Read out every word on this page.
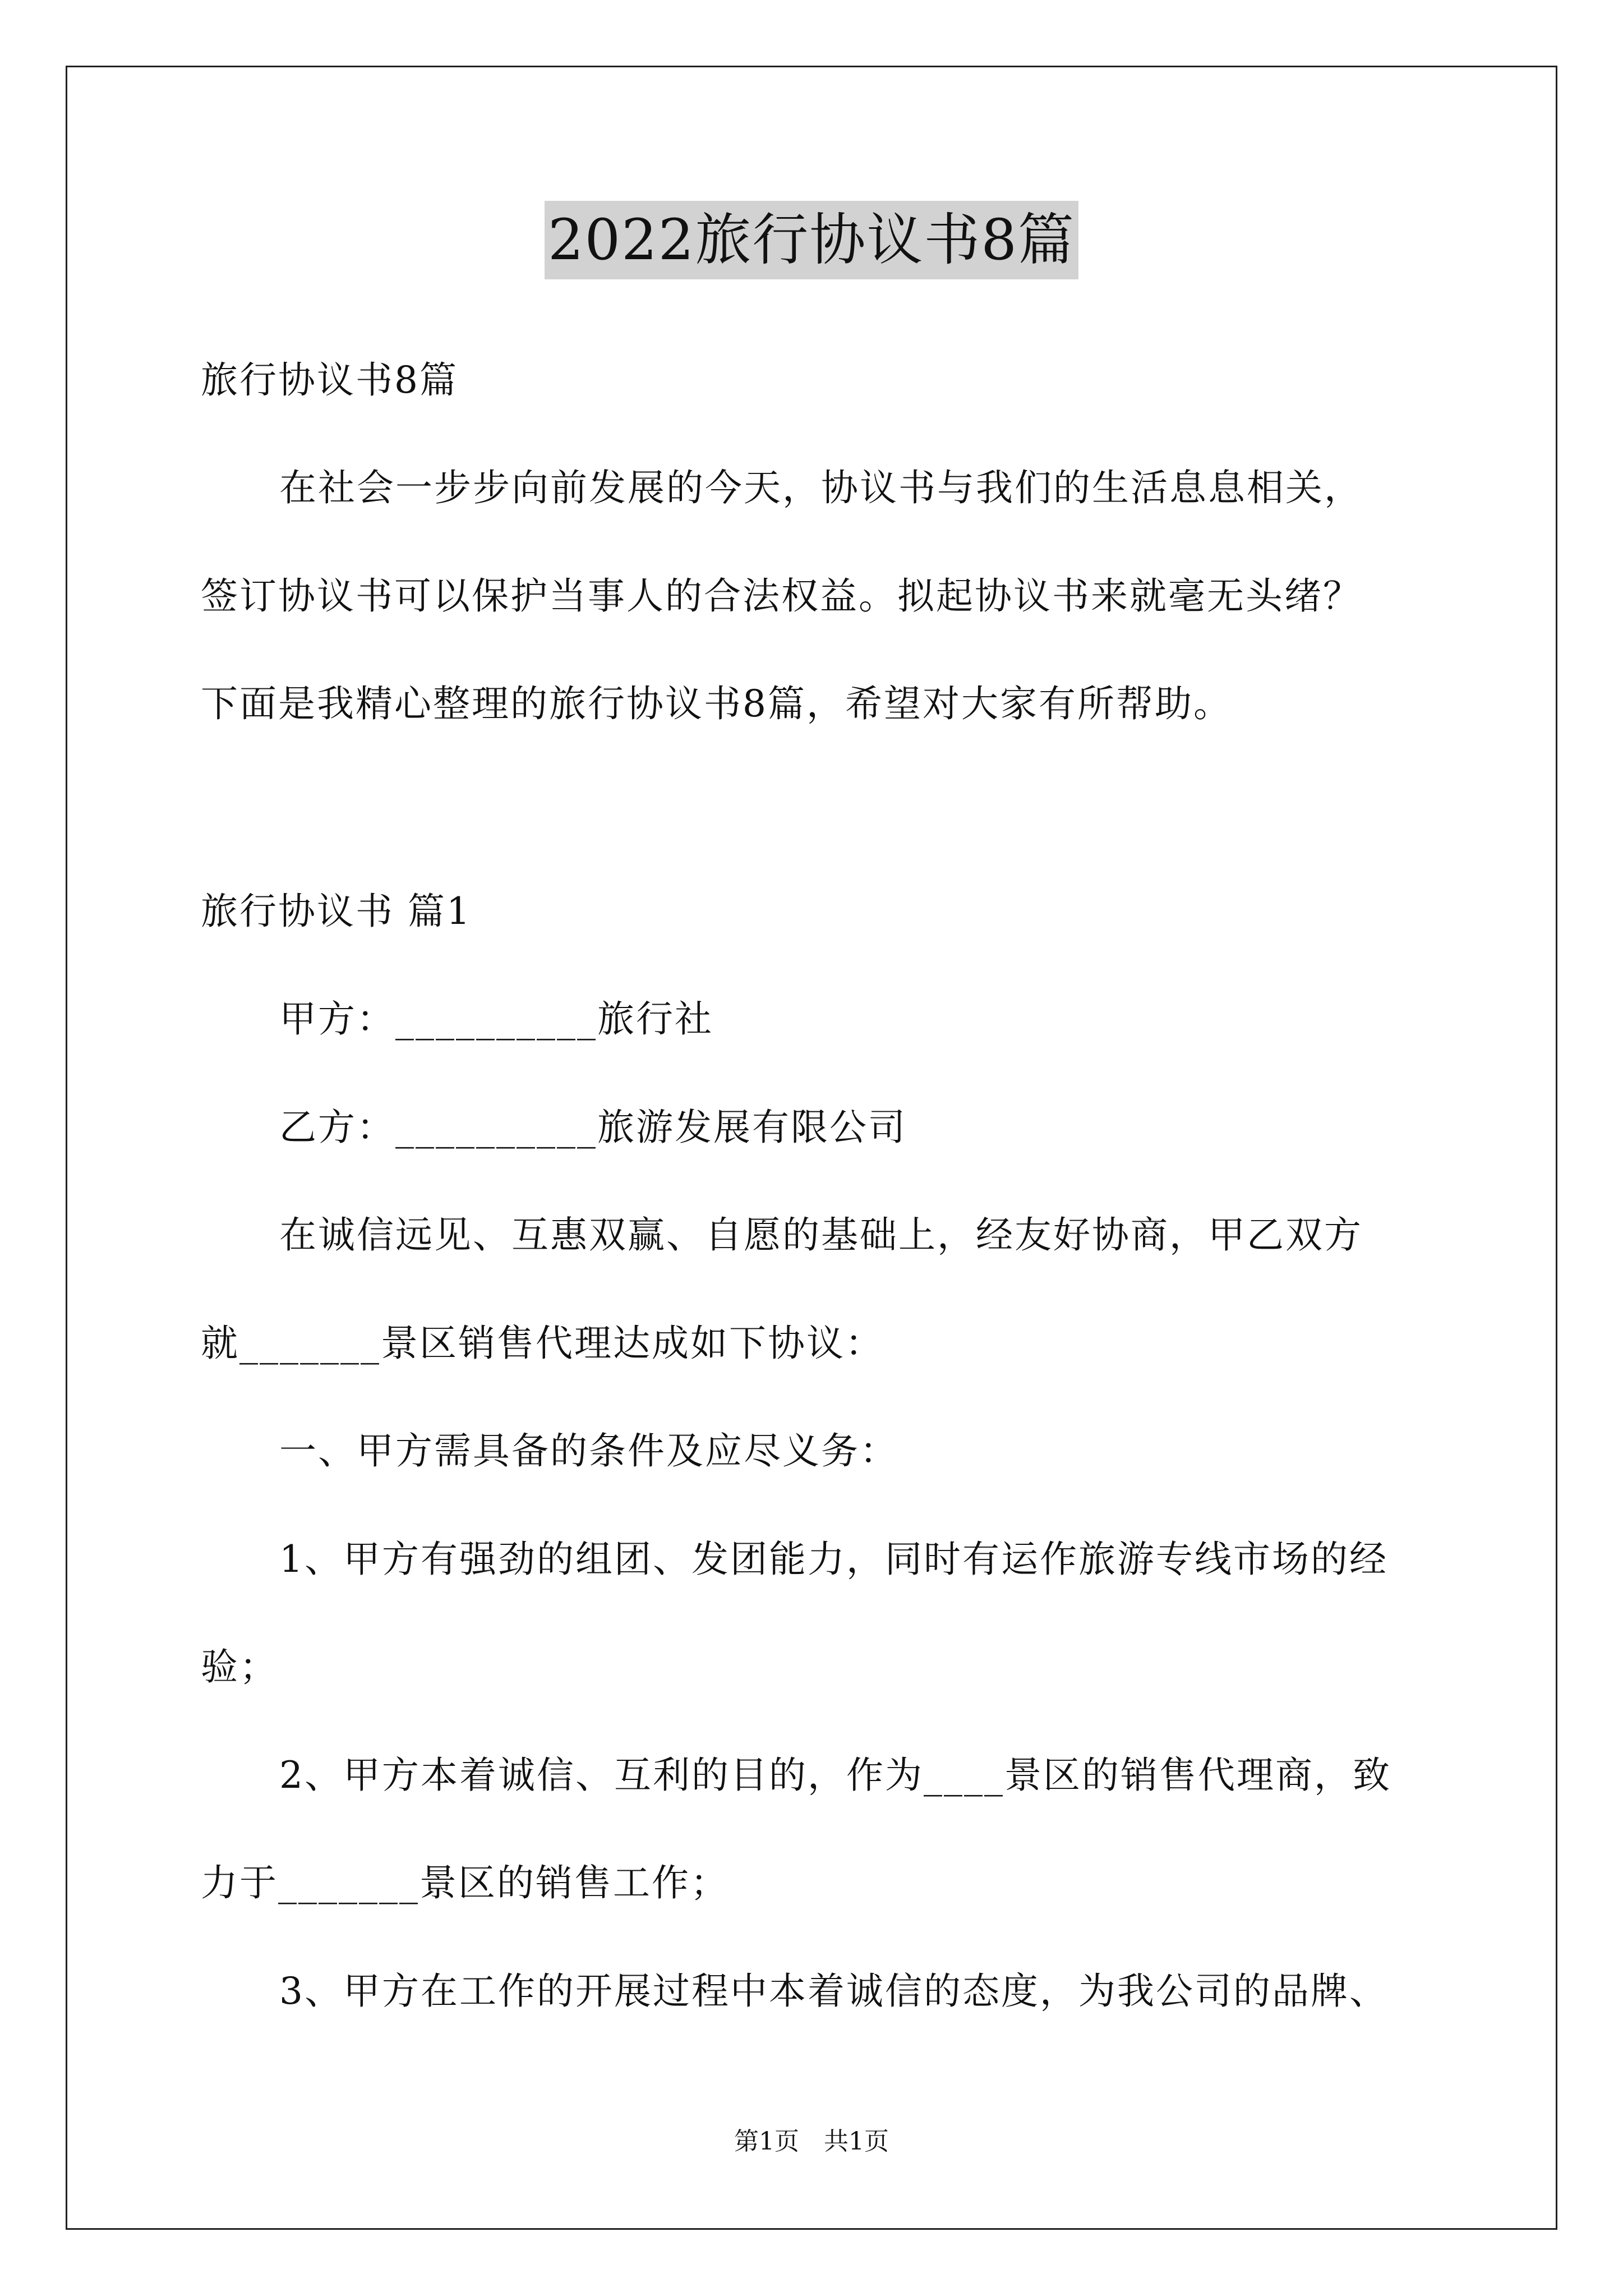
2022旅行协议书8篇
旅行协议书8篇
在社会一步步向前发展的今天，协议书与我们的生活息息相关，
签订协议书可以保护当事人的合法权益。拟起协议书来就毫无头绪？
下面是我精心整理的旅行协议书8篇，希望对大家有所帮助。
旅行协议书 篇1
甲方：__________旅行社
乙方：__________旅游发展有限公司
在诚信远见、互惠双赢、自愿的基础上，经友好协商，甲乙双方
就_______景区销售代理达成如下协议：
一、甲方需具备的条件及应尽义务：
1、甲方有强劲的组团、发团能力，同时有运作旅游专线市场的经
验；
2、甲方本着诚信、互利的目的，作为____景区的销售代理商，致
力于_______景区的销售工作；
3、甲方在工作的开展过程中本着诚信的态度，为我公司的品牌、
第1页　共1页
